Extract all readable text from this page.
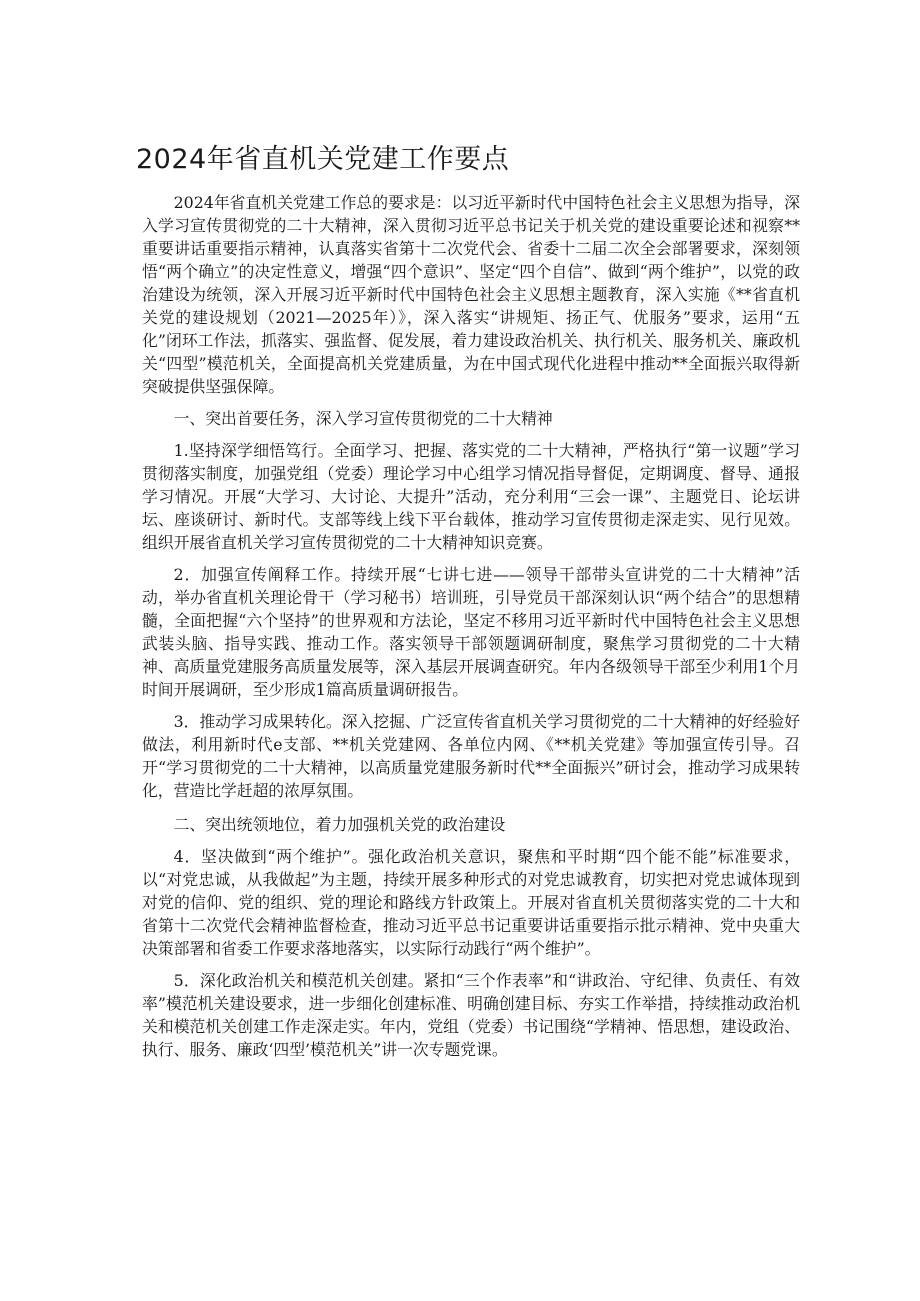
2024年省直机关党建工作要点

2024年省直机关党建工作总的要求是：以习近平新时代中国特色社会主义思想为指导，深入学习宣传贯彻党的二十大精神，深入贯彻习近平总书记关于机关党的建设重要论述和视察**重要讲话重要指示精神，认真落实省第十二次党代会、省委十二届二次全会部署要求，深刻领悟“两个确立”的决定性意义，增强“四个意识”、坚定“四个自信”、做到“两个维护”，以党的政治建设为统领，深入开展习近平新时代中国特色社会主义思想主题教育，深入实施《**省直机关党的建设规划（2021—2025年）》，深入落实“讲规矩、扬正气、优服务”要求，运用“五化”闭环工作法，抓落实、强监督、促发展，着力建设政治机关、执行机关、服务机关、廉政机关“四型”模范机关，全面提高机关党建质量，为在中国式现代化进程中推动**全面振兴取得新突破提供坚强保障。

一、突出首要任务，深入学习宣传贯彻党的二十大精神

1.坚持深学细悟笃行。全面学习、把握、落实党的二十大精神，严格执行“第一议题”学习贯彻落实制度，加强党组（党委）理论学习中心组学习情况指导督促，定期调度、督导、通报学习情况。开展“大学习、大讨论、大提升”活动，充分利用“三会一课”、主题党日、论坛讲坛、座谈研讨、新时代。支部等线上线下平台载体，推动学习宣传贯彻走深走实、见行见效。组织开展省直机关学习宣传贯彻党的二十大精神知识竞赛。

2．加强宣传阐释工作。持续开展“七讲七进——领导干部带头宣讲党的二十大精神”活动，举办省直机关理论骨干（学习秘书）培训班，引导党员干部深刻认识“两个结合”的思想精髓，全面把握“六个坚持”的世界观和方法论，坚定不移用习近平新时代中国特色社会主义思想武装头脑、指导实践、推动工作。落实领导干部领题调研制度，聚焦学习贯彻党的二十大精神、高质量党建服务高质量发展等，深入基层开展调查研究。年内各级领导干部至少利用1个月时间开展调研，至少形成1篇高质量调研报告。

3．推动学习成果转化。深入挖掘、广泛宣传省直机关学习贯彻党的二十大精神的好经验好做法，利用新时代e支部、**机关党建网、各单位内网、《**机关党建》等加强宣传引导。召开“学习贯彻党的二十大精神，以高质量党建服务新时代**全面振兴”研讨会，推动学习成果转化，营造比学赶超的浓厚氛围。

二、突出统领地位，着力加强机关党的政治建设

4．坚决做到“两个维护”。强化政治机关意识，聚焦和平时期“四个能不能”标准要求，以“对党忠诚，从我做起”为主题，持续开展多种形式的对党忠诚教育，切实把对党忠诚体现到对党的信仰、党的组织、党的理论和路线方针政策上。开展对省直机关贯彻落实党的二十大和省第十二次党代会精神监督检查，推动习近平总书记重要讲话重要指示批示精神、党中央重大决策部署和省委工作要求落地落实，以实际行动践行“两个维护”。

5．深化政治机关和模范机关创建。紧扣“三个作表率”和“讲政治、守纪律、负责任、有效率”模范机关建设要求，进一步细化创建标准、明确创建目标、夯实工作举措，持续推动政治机关和模范机关创建工作走深走实。年内，党组（党委）书记围绕“学精神、悟思想，建设政治、执行、服务、廉政‘四型’模范机关”讲一次专题党课。
